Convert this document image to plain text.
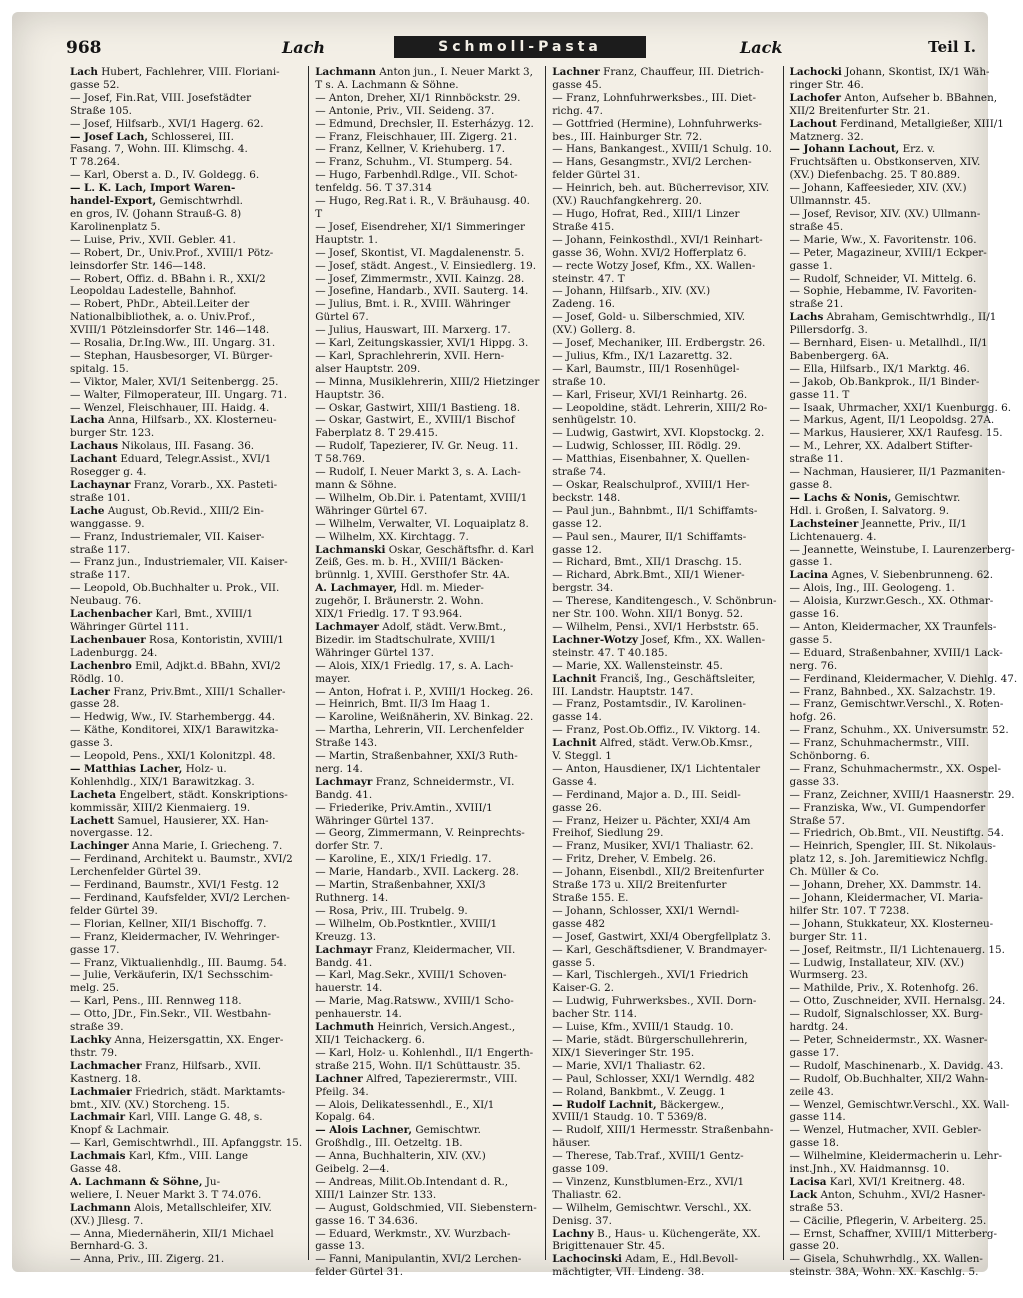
968	Lach	Schmoll-Pasta	Lack	Teil I.
Lach Hubert, Fachlehrer, VIII. Floriani-
gasse 52.
— Josef, Fin.Rat, VIII. Josefstädter
Straße 105.
— Josef, Hilfsarb., XVI/1 Hagerg. 62.
— Josef Lach, Schlosserei, III.
Fasang. 7, Wohn. III. Klimschg. 4.
T 78.264.
— Karl, Oberst a. D., IV. Goldegg. 6.
— L. K. Lach, Import Waren-
handel-Export, Gemischtwrhdl.
en gros, IV. (Johann Strauß-G. 8)
Karolinenplatz 5.
— Luise, Priv., XVII. Gebler. 41.
— Robert, Dr., Univ.Prof., XVIII/1 Pötz-
leinsdorfer Str. 146—148.
— Robert, Offiz. d. BBahn i. R., XXI/2
Leopoldau Ladestelle, Bahnhof.
— Robert, PhDr., Abteil.Leiter der
Nationalbibliothek, a. o. Univ.Prof.,
XVIII/1 Pötzleinsdorfer Str. 146—148.
— Rosalia, Dr.Ing.Ww., III. Ungarg. 31.
— Stephan, Hausbesorger, VI. Bürger-
spitalg. 15.
— Viktor, Maler, XVI/1 Seitenbergg. 25.
— Walter, Filmoperateur, III. Ungarg. 71.
— Wenzel, Fleischhauer, III. Haidg. 4.
Lacha Anna, Hilfsarb., XX. Klosterneu-
burger Str. 123.
Lachaus Nikolaus, III. Fasang. 36.
Lachant Eduard, Telegr.Assist., XVI/1
Rosegger g. 4.
Lachaynar Franz, Vorarb., XX. Pasteti-
straße 101.
Lache August, Ob.Revid., XIII/2 Ein-
wanggasse. 9.
— Franz, Industriemaler, VII. Kaiser-
straße 117.
— Franz jun., Industriemaler, VII. Kaiser-
straße 117.
— Leopold, Ob.Buchhalter u. Prok., VII.
Neubaug. 76.
Lachenbacher Karl, Bmt., XVIII/1
Währinger Gürtel 111.
Lachenbauer Rosa, Kontoristin, XVIII/1
Ladenburgg. 24.
Lachenbro Emil, Adjkt.d. BBahn, XVI/2
Rödlg. 10.
Lacher Franz, Priv.Bmt., XIII/1 Schaller-
gasse 28.
— Hedwig, Ww., IV. Starhembergg. 44.
— Käthe, Konditorei, XIX/1 Barawitzka-
gasse 3.
— Leopold, Pens., XXI/1 Kolonitzpl. 48.
— Matthias Lacher, Holz- u.
Kohlenhdlg., XIX/1 Barawitzkag. 3.
Lacheta Engelbert, städt. Konskriptions-
kommissär, XIII/2 Kienmaierg. 19.
Lachett Samuel, Hausierer, XX. Han-
novergasse. 12.
Lachinger Anna Marie, I. Griecheng. 7.
— Ferdinand, Architekt u. Baumstr., XVI/2
Lerchenfelder Gürtel 39.
— Ferdinand, Baumstr., XVI/1 Festg. 12
— Ferdinand, Kaufsfelder, XVI/2 Lerchen-
felder Gürtel 39.
— Florian, Kellner, XII/1 Bischoffg. 7.
— Franz, Kleidermacher, IV. Wehringer-
gasse 17.
— Franz, Viktualienhdlg., III. Baumg. 54.
— Julie, Verkäuferin, IX/1 Sechsschim-
melg. 25.
— Karl, Pens., III. Rennweg 118.
— Otto, JDr., Fin.Sekr., VII. Westbahn-
straße 39.
Lachky Anna, Heizersgattin, XX. Enger-
thstr. 79.
Lachmacher Franz, Hilfsarb., XVII.
Kastnerg. 18.
Lachmaier Friedrich, städt. Marktamts-
bmt., XIV. (XV.) Storcheng. 15.
Lachmair Karl, VIII. Lange G. 48, s.
Knopf & Lachmair.
— Karl, Gemischtwrhdl., III. Apfanggstr. 15.
Lachmais Karl, Kfm., VIII. Lange
Gasse 48.
A. Lachmann & Söhne, Ju-
weliere, I. Neuer Markt 3. T 74.076.
Lachmann Alois, Metallschleifer, XIV.
(XV.) Jllesg. 7.
— Anna, Miedernäherin, XII/1 Michael
Bernhard-G. 3.
— Anna, Priv., III. Zigerg. 21.
Lachmann Anton jun., I. Neuer Markt 3,
T s. A. Lachmann & Söhne.
— Anton, Dreher, XI/1 Rinnböckstr. 29.
— Antonie, Priv., VII. Seideng. 37.
— Edmund, Drechsler, II. Esterházyg. 12.
— Franz, Fleischhauer, III. Zigerg. 21.
— Franz, Kellner, V. Kriehuberg. 17.
— Franz, Schuhm., VI. Stumperg. 54.
— Hugo, Farbenhdl.Rdlge., VII. Schot-
tenfeldg. 56. T 37.314
— Hugo, Reg.Rat i. R., V. Bräuhausg. 40.
T
— Josef, Eisendreher, XI/1 Simmeringer
Hauptstr. 1.
— Josef, Skontist, VI. Magdalenenstr. 5.
— Josef, städt. Angest., V. Einsiedlerg. 19.
— Josef, Zimmermstr., XVII. Kainzg. 28.
— Josefine, Handarb., XVII. Sauterg. 14.
— Julius, Bmt. i. R., XVIII. Währinger
Gürtel 67.
— Julius, Hauswart, III. Marxerg. 17.
— Karl, Zeitungskassier, XVI/1 Hippg. 3.
— Karl, Sprachlehrerin, XVII. Hern-
alser Hauptstr. 209.
— Minna, Musiklehrerin, XIII/2 Hietzinger
Hauptstr. 36.
— Oskar, Gastwirt, XIII/1 Bastieng. 18.
— Oskar, Gastwirt, E., XVIII/1 Bischof
Faberplatz 8. T 29.415.
— Rudolf, Tapezierer, IV. Gr. Neug. 11.
T 58.769.
— Rudolf, I. Neuer Markt 3, s. A. Lach-
mann & Söhne.
— Wilhelm, Ob.Dir. i. Patentamt, XVIII/1
Währinger Gürtel 67.
— Wilhelm, Verwalter, VI. Loquaiplatz 8.
— Wilhelm, XX. Kirchtagg. 7.
Lachmanski Oskar, Geschäftsfhr. d. Karl
Zeiß, Ges. m. b. H., XVIII/1 Bäcken-
brünnlg. 1, XVIII. Gersthofer Str. 4A.
A. Lachmayer, Hdl. m. Mieder-
zugehör, I. Bräunerstr. 2. Wohn.
XIX/1 Friedlg. 17. T 93.964.
Lachmayer Adolf, städt. Verw.Bmt.,
Bizedir. im Stadtschulrate, XVIII/1
Währinger Gürtel 137.
— Alois, XIX/1 Friedlg. 17, s. A. Lach-
mayer.
— Anton, Hofrat i. P., XVIII/1 Hockeg. 26.
— Heinrich, Bmt. II/3 Im Haag 1.
— Karoline, Weißnäherin, XV. Binkag. 22.
— Martha, Lehrerin, VII. Lerchenfelder
Straße 143.
— Martin, Straßenbahner, XXI/3 Ruth-
nerg. 14.
Lachmayr Franz, Schneidermstr., VI.
Bandg. 41.
— Friederike, Priv.Amtin., XVIII/1
Währinger Gürtel 137.
— Georg, Zimmermann, V. Reinprechts-
dorfer Str. 7.
— Karoline, E., XIX/1 Friedlg. 17.
— Marie, Handarb., XVII. Lackerg. 28.
— Martin, Straßenbahner, XXI/3
Ruthnerg. 14.
— Rosa, Priv., III. Trubelg. 9.
— Wilhelm, Ob.Postkntler., XVIII/1
Kreuzg. 13.
Lachmayr Franz, Kleidermacher, VII.
Bandg. 41.
— Karl, Mag.Sekr., XVIII/1 Schoven-
hauerstr. 14.
— Marie, Mag.Ratsww., XVIII/1 Scho-
penhauerstr. 14.
Lachmuth Heinrich, Versich.Angest.,
XII/1 Teichackerg. 6.
— Karl, Holz- u. Kohlenhdl., II/1 Engerth-
straße 215, Wohn. II/1 Schüttaustr. 35.
Lachner Alfred, Tapezierermstr., VIII.
Pfeilg. 34.
— Alois, Delikatessenhdl., E., XI/1
Kopalg. 64.
— Alois Lachner, Gemischtwr.
Großhdlg., III. Oetzeltg. 1B.
— Anna, Buchhalterin, XIV. (XV.)
Geibelg. 2—4.
— Andreas, Milit.Ob.Intendant d. R.,
XIII/1 Lainzer Str. 133.
— August, Goldschmied, VII. Siebenstern-
gasse 16. T 34.636.
— Eduard, Werkmstr., XV. Wurzbach-
gasse 13.
— Fanni, Manipulantin, XVI/2 Lerchen-
felder Gürtel 31.
Lachner Franz, Chauffeur, III. Dietrich-
gasse 45.
— Franz, Lohnfuhrwerksbes., III. Diet-
richg. 47.
— Gottfried (Hermine), Lohnfuhrwerks-
bes., III. Hainburger Str. 72.
— Hans, Bankangest., XVIII/1 Schulg. 10.
— Hans, Gesangmstr., XVI/2 Lerchen-
felder Gürtel 31.
— Heinrich, beh. aut. Bücherrevisor, XIV.
(XV.) Rauchfangkehrerg. 20.
— Hugo, Hofrat, Red., XIII/1 Linzer
Straße 415.
— Johann, Feinkosthdl., XVI/1 Reinhart-
gasse 36, Wohn. XVI/2 Hofferplatz 6.
— recte Wotzy Josef, Kfm., XX. Wallen-
steinstr. 47. T
— Johann, Hilfsarb., XIV. (XV.)
Zadeng. 16.
— Josef, Gold- u. Silberschmied, XIV.
(XV.) Gollerg. 8.
— Josef, Mechaniker, III. Erdbergstr. 26.
— Julius, Kfm., IX/1 Lazarettg. 32.
— Karl, Baumstr., III/1 Rosenhügel-
straße 10.
— Karl, Friseur, XVI/1 Reinhartg. 26.
— Leopoldine, städt. Lehrerin, XIII/2 Ro-
senhügelstr. 10.
— Ludwig, Gastwirt, XVI. Klopstockg. 2.
— Ludwig, Schlosser, III. Rödlg. 29.
— Matthias, Eisenbahner, X. Quellen-
straße 74.
— Oskar, Realschulprof., XVIII/1 Her-
beckstr. 148.
— Paul jun., Bahnbmt., II/1 Schiffamts-
gasse 12.
— Paul sen., Maurer, II/1 Schiffamts-
gasse 12.
— Richard, Bmt., XII/1 Draschg. 15.
— Richard, Abrk.Bmt., XII/1 Wiener-
bergstr. 34.
— Therese, Kanditengesch., V. Schönbrun-
ner Str. 100. Wohn. XII/1 Bonyg. 52.
— Wilhelm, Pensi., XVI/1 Herbststr. 65.
Lachner-Wotzy Josef, Kfm., XX. Wallen-
steinstr. 47. T 40.185.
— Marie, XX. Wallensteinstr. 45.
Lachnit Franciš, Ing., Geschäftsleiter,
III. Landstr. Hauptstr. 147.
— Franz, Postamtsdir., IV. Karolinen-
gasse 14.
— Franz, Post.Ob.Offiz., IV. Viktorg. 14.
Lachnit Alfred, städt. Verw.Ob.Kmsr.,
V. Steggl. 1
— Anton, Hausdiener, IX/1 Lichtentaler
Gasse 4.
— Ferdinand, Major a. D., III. Seidl-
gasse 26.
— Franz, Heizer u. Pächter, XXI/4 Am
Freihof, Siedlung 29.
— Franz, Musiker, XVI/1 Thaliastr. 62.
— Fritz, Dreher, V. Embelg. 26.
— Johann, Eisenbdl., XII/2 Breitenfurter
Straße 173 u. XII/2 Breitenfurter
Straße 155. E.
— Johann, Schlosser, XXI/1 Werndl-
gasse 482
— Josef, Gastwirt, XXI/4 Obergfellplatz 3.
— Karl, Geschäftsdiener, V. Brandmayer-
gasse 5.
— Karl, Tischlergeh., XVI/1 Friedrich
Kaiser-G. 2.
— Ludwig, Fuhrwerksbes., XVII. Dorn-
bacher Str. 114.
— Luise, Kfm., XVIII/1 Staudg. 10.
— Marie, städt. Bürgerschullehrerin,
XIX/1 Sieveringer Str. 195.
— Marie, XVI/1 Thaliastr. 62.
— Paul, Schlosser, XXI/1 Werndlg. 482
— Roland, Bankbmt., V. Zeugg. 1
— Rudolf Lachnit, Bäckergew.,
XVIII/1 Staudg. 10. T 5369/8.
— Rudolf, XIII/1 Hermesstr. Straßenbahn-
häuser.
— Therese, Tab.Traf., XVIII/1 Gentz-
gasse 109.
— Vinzenz, Kunstblumen-Erz., XVI/1
Thaliastr. 62.
— Wilhelm, Gemischtwr. Verschl., XX.
Denisg. 37.
Lachny B., Haus- u. Küchengeräte, XX.
Brigittenauer Str. 45.
Lachocinski Adam, E., Hdl.Bevoll-
mächtigter, VII. Lindeng. 38.
Lachocki Johann, Skontist, IX/1 Wäh-
ringer Str. 46.
Lachofer Anton, Aufseher b. BBahnen,
XII/2 Breitenfurter Str. 21.
Lachout Ferdinand, Metallgießer, XIII/1
Matznerg. 32.
— Johann Lachout, Erz. v.
Fruchtsäften u. Obstkonserven, XIV.
(XV.) Diefenbachg. 25. T 80.889.
— Johann, Kaffeesieder, XIV. (XV.)
Ullmannstr. 45.
— Josef, Revisor, XIV. (XV.) Ullmann-
straße 45.
— Marie, Ww., X. Favoritenstr. 106.
— Peter, Magazineur, XVIII/1 Eckper-
gasse 1.
— Rudolf, Schneider, VI. Mittelg. 6.
— Sophie, Hebamme, IV. Favoriten-
straße 21.
Lachs Abraham, Gemischtwrhdlg., II/1
Pillersdorfg. 3.
— Bernhard, Eisen- u. Metallhdl., II/1
Babenbergerg. 6A.
— Ella, Hilfsarb., IX/1 Marktg. 46.
— Jakob, Ob.Bankprok., II/1 Binder-
gasse 11. T
— Isaak, Uhrmacher, XXI/1 Kuenburgg. 6.
— Markus, Agent, II/1 Leopoldsg. 27A.
— Markus, Hausierer, XX/1 Raufesg. 15.
— M., Lehrer, XX. Adalbert Stifter-
straße 11.
— Nachman, Hausierer, II/1 Pazmaniten-
gasse 8.
— Lachs & Nonis, Gemischtwr.
Hdl. i. Großen, I. Salvatorg. 9.
Lachsteiner Jeannette, Priv., II/1
Lichtenauerg. 4.
— Jeannette, Weinstube, I. Laurenzerberg-
gasse 1.
Lacina Agnes, V. Siebenbrunneng. 62.
— Alois, Ing., III. Geologeng. 1.
— Aloisia, Kurzwr.Gesch., XX. Othmar-
gasse 16.
— Anton, Kleidermacher, XX Traunfels-
gasse 5.
— Eduard, Straßenbahner, XVIII/1 Lack-
nerg. 76.
— Ferdinand, Kleidermacher, V. Diehlg. 47.
— Franz, Bahnbed., XX. Salzachstr. 19.
— Franz, Gemischtwr.Verschl., X. Roten-
hofg. 26.
— Franz, Schuhm., XX. Universumstr. 52.
— Franz, Schuhmachermstr., VIII.
Schönborng. 6.
— Franz, Schuhmachermstr., XX. Ospel-
gasse 33.
— Franz, Zeichner, XVIII/1 Haasnerstr. 29.
— Franziska, Ww., VI. Gumpendorfer
Straße 57.
— Friedrich, Ob.Bmt., VII. Neustiftg. 54.
— Heinrich, Spengler, III. St. Nikolaus-
platz 12, s. Joh. Jaremitiewicz Nchflg.
Ch. Müller & Co.
— Johann, Dreher, XX. Dammstr. 14.
— Johann, Kleidermacher, VI. Maria-
hilfer Str. 107. T 7238.
— Johann, Stukkateur, XX. Klosterneu-
burger Str. 11.
— Josef, Reitmstr., II/1 Lichtenauerg. 15.
— Ludwig, Installateur, XIV. (XV.)
Wurmserg. 23.
— Mathilde, Priv., X. Rotenhofg. 26.
— Otto, Zuschneider, XVII. Hernalsg. 24.
— Rudolf, Signalschlosser, XX. Burg-
hardtg. 24.
— Peter, Schneidermstr., XX. Wasner-
gasse 17.
— Rudolf, Maschinenarb., X. Davidg. 43.
— Rudolf, Ob.Buchhalter, XII/2 Wahn-
zeile 43.
— Wenzel, Gemischtwr.Verschl., XX. Wall-
gasse 114.
— Wenzel, Hutmacher, XVII. Gebler-
gasse 18.
— Wilhelmine, Kleidermacherin u. Lehr-
inst.Jnh., XV. Haidmannsg. 10.
Lacisa Karl, XVI/1 Kreitnerg. 48.
Lack Anton, Schuhm., XVI/2 Hasner-
straße 53.
— Cäcilie, Pflegerin, V. Arbeiterg. 25.
— Ernst, Schaffner, XVIII/1 Mitterberg-
gasse 20.
— Gisela, Schuhwrhdlg., XX. Wallen-
steinstr. 38A, Wohn. XX. Kaschlg. 5.
